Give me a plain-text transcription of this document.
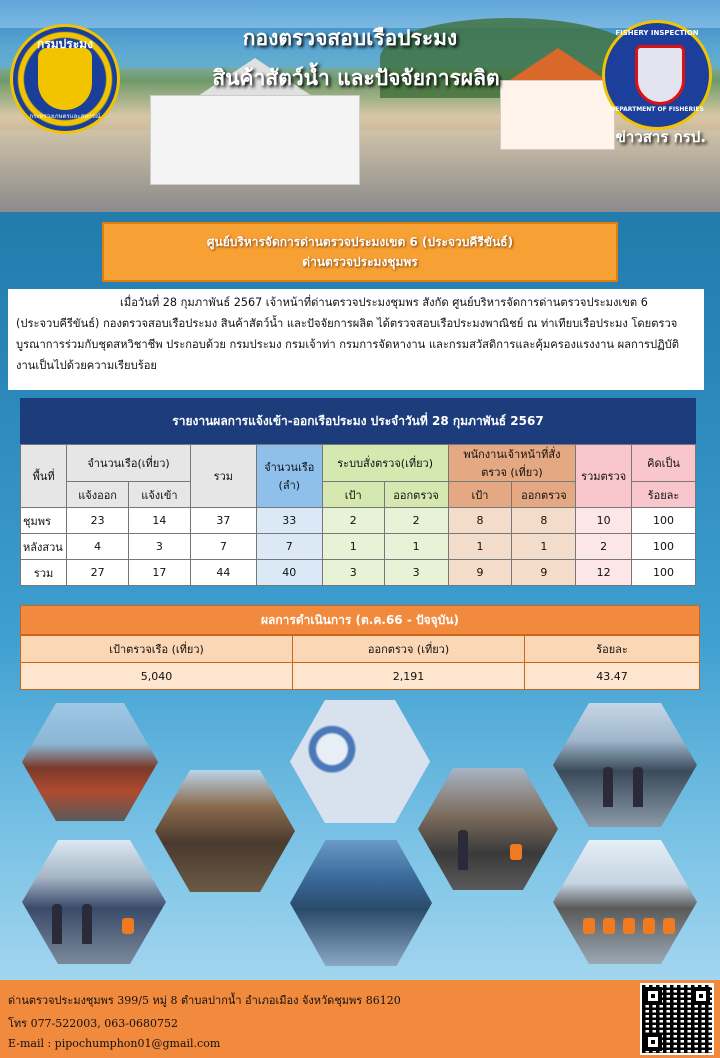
กรมประมง
กระทรวงเกษตรและสหกรณ์
กองตรวจสอบเรือประมง
สินค้าสัตว์น้ำ และปัจจัยการผลิต
FISHERY INSPECTION
DEPARTMENT OF FISHERIES
ข่าวสาร กรป.
ศูนย์บริหารจัดการด่านตรวจประมงเขต 6 (ประจวบคีรีขันธ์)
ด่านตรวจประมงชุมพร
เมื่อวันที่ 28 กุมภาพันธ์ 2567 เจ้าหน้าที่ด่านตรวจประมงชุมพร สังกัด ศูนย์บริหารจัดการด่านตรวจประมงเขต 6 (ประจวบคีรีขันธ์) กองตรวจสอบเรือประมง สินค้าสัตว์น้ำ และปัจจัยการผลิต ได้ตรวจสอบเรือประมงพาณิชย์ ณ ท่าเทียบเรือประมง โดยตรวจบูรณาการร่วมกับชุดสหวิชาชีพ ประกอบด้วย กรมประมง กรมเจ้าท่า กรมการจัดหางาน และกรมสวัสดิการและคุ้มครองแรงงาน ผลการปฏิบัติงานเป็นไปด้วยความเรียบร้อย
รายงานผลการแจ้งเข้า-ออกเรือประมง ประจำวันที่ 28 กุมภาพันธ์ 2567
พื้นที่	จำนวนเรือ(เที่ยว)		รวม	จำนวนเรือ (ลำ)	ระบบสั่งตรวจ(เที่ยว)		พนักงานเจ้าหน้าที่สั่งตรวจ (เที่ยว)		รวมตรวจ	คิดเป็น
	แจ้งออก	แจ้งเข้า			เป้า	ออกตรวจ	เป้า	ออกตรวจ		ร้อยละ
ชุมพร	23	14	37	33	2	2	8	8	10	100
หลังสวน	4	3	7	7	1	1	1	1	2	100
รวม	27	17	44	40	3	3	9	9	12	100
ผลการดำเนินการ (ต.ค.66 - ปัจจุบัน)
เป้าตรวจเรือ (เที่ยว)	ออกตรวจ (เที่ยว)	ร้อยละ
5,040	2,191	43.47
ด่านตรวจประมงชุมพร 399/5 หมู่ 8 ตำบลปากน้ำ อำเภอเมือง จังหวัดชุมพร 86120
โทร 077-522003, 063-0680752
E-mail : pipochumphon01@gmail.com
